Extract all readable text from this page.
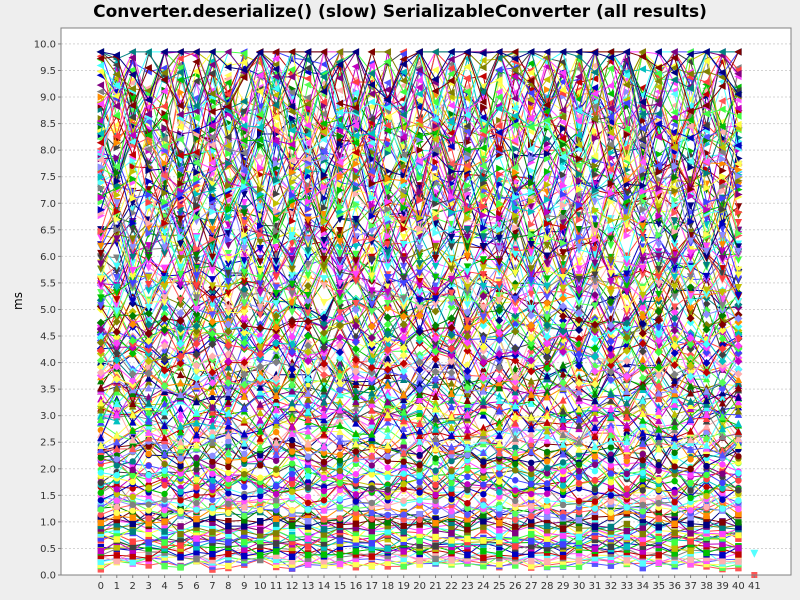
Converter.deserialize() (slow) SerializableConverter (all results)
0.0
0.5
1.0
1.5
2.0
2.5
3.0
3.5
4.0
4.5
5.0
5.5
6.0
6.5
7.0
7.5
8.0
8.5
9.0
9.5
10.0
0 1 2 3 4 5 6 7 8 9 10 11 12 13 14 15 16 17 18 19 20 21 22 23 24 25 26 27 28 29 30 31 32 33 34 35 36 37 38 39 40 41
ms
